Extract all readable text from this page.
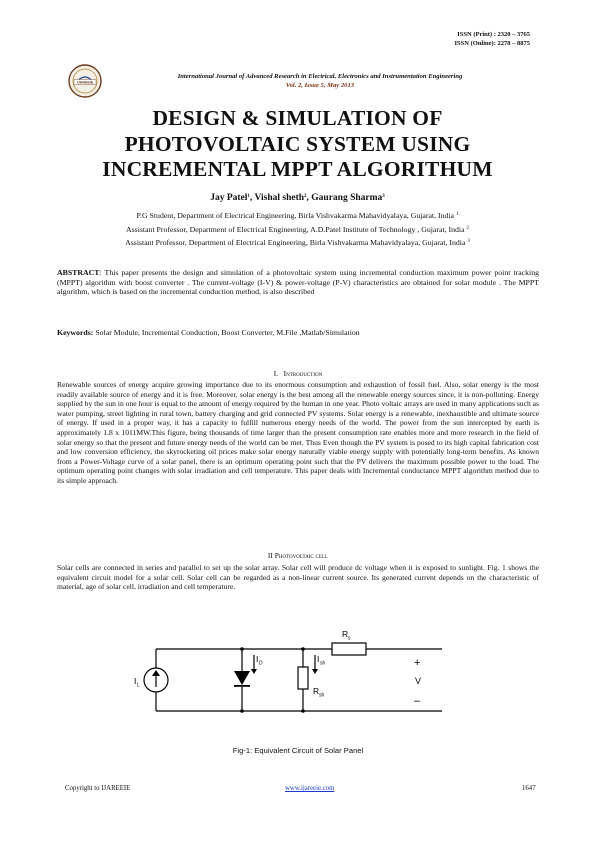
ISSN (Print) : 2320 – 3765
ISSN (Online): 2278 – 8875
IJAREEIE
International Journal of Advanced Research in Electrical, Electronics and Instrumentation Engineering
Vol. 2, Issue 5, May 2013
DESIGN & SIMULATION OF
PHOTOVOLTAIC SYSTEM USING
INCREMENTAL MPPT ALGORITHUM
Jay Patel$^1$, Vishal sheth$^2$, Gaurang Sharma$^3$
P.G Student, Department of Electrical Engineering, Birla Vishvakarma Mahavidyalaya, Gujarat, India $^1$
Assistant Professor, Department of Electrical Engineering, A.D.Patel Institute of Technology , Gujarat, India $^2$
Assistant Professor, Department of Electrical Engineering, Birla Vishvakarma Mahavidyalaya, Gujarat, India $^3$
ABSTRACT: This paper presents the design and simulation of a photovoltaic system using incremental conduction maximum power point tracking (MPPT) algorithm with boost converter . The current-voltage (I-V) & power-voltage (P-V) characteristics are obtained for solar module . The MPPT algorithm, which is based on the incremental conduction method, is also described
Keywords: Solar Module, Incremental Conduction, Boost Converter, M.File ,Matlab/Simulation
I. Introduction
Renewable sources of energy acquire growing importance due to its enormous consumption and exhaustion of fossil fuel. Also, solar energy is the most readily available source of energy and it is free. Moreover, solar energy is the best among all the renewable energy sources since, it is non-polluting. Energy supplied by the sun in one hour is equal to the amount of energy required by the human in one year. Photo voltaic arrays are used in many applications such as water pumping, street lighting in rural town, battery charging and grid connected PV systems. Solar energy is a renewable, inexhaustible and ultimate source of energy. If used in a proper way, it has a capacity to fulfill numerous energy needs of the world. The power from the sun intercepted by earth is approximately 1.8 x 1011MW.This figure, being thousands of time larger than the present consumption rate enables more and more research in the field of solar energy so that the present and future energy needs of the world can be met. Thus Even though the PV system is posed to its high capital fabrication cost and low conversion efficiency, the skyrocketing oil prices make solar energy naturally viable energy supply with potentially long-term benefits. As known from a Power-Voltage curve of a solar panel, there is an optimum operating point such that the PV delivers the maximum possible power to the load. The optimum operating point changes with solar irradiation and cell temperature. This paper deals with Incremental conductance MPPT algorithm method due to its simple approach.
II Photovoltaic cell
Solar cells are connected in series and parallel to set up the solar array. Solar cell will produce dc voltage when it is exposed to sunlight. Fig. 1 shows the equivalent circuit model for a solar cell. Solar cell can be regarded as a non-linear current source. Its generated current depends on the characteristic of material, age of solar cell, irradiation and cell temperature.
R s
I D	I sh
R sh
I L
+
V
–
Fig-1: Equivalent Circuit of Solar Panel
Copyright to IJAREEIE	www.ijareeie.com	1647
